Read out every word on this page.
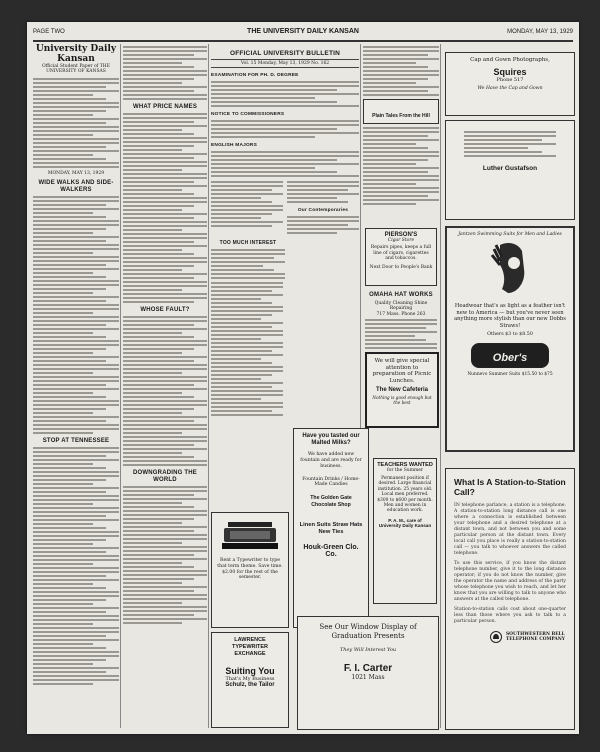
PAGE TWO	THE UNIVERSITY DAILY KANSAN	MONDAY, MAY 13, 1929
University Daily Kansan
Official Student Paper of THE UNIVERSITY OF KANSAS
MONDAY, MAY 13, 1929
WIDE WALKS AND SIDE-WALKERS
STOP AT TENNESSEE
WHAT PRICE NAMES
WHOSE FAULT?
DOWNGRADING THE WORLD
OFFICIAL UNIVERSITY BULLETIN
Vol. 15 Monday, May 13, 1929 No. 162
EXAMINATION FOR PH. D. DEGREE
NOTICE TO COMMISSIONERS
ENGLISH MAJORS
Our Contemporaries
TOO MUCH INTEREST
Plain Tales From the Hill

PIERSON'S

Cigar Store

Repairs pipes, keeps a full line of cigars, cigarettes and tobaccos.

Next Door to People's Bank

OMAHA HAT WORKS

Quality Cleaning Shine Repairing

717 Mass. Phone 263

We will give special attention to preparation of Picnic Lunches.

The New Cafeteria

Nothing is good enough but the best

Have you tasted our Malted Milks?

We have added new fountain and are ready for business.

Fountain Drinks / Home-Made Candies

The Golden Gate Chocolate Shop

Linen Suits Straw Hats New Ties

Houk-Green Clo. Co.

Rent a Typewriter to type that term theme. Save time. $2.00 for the rest of the semester.

LAWRENCE TYPEWRITER EXCHANGE

Suiting You

That's My Business

Schulz, the Tailor

TEACHERS WANTED

for the Summer

Permanent position if desired. Large financial institution. 25 years old. Local men preferred. $300 to $600 per month. Men and women in education work.

P. A. M., care of University Daily Kansan

See Our Window Display of Graduation Presents

They Will Interest You

F. I. Carter

1021 Mass

Cap and Gown Photographs,

Squires

Phone 517

We Have the Cap and Gown

Luther Gustafson

Jantzen Swimming Suits for Men and Ladies

Headwear that's as light as a feather isn't new to America — but you've never seen anything more stylish than our new Dobbs Straws!

Others $3 to $8.50

Ober's

Nunnevo Summer Suits $15.50 to $75

What Is A Station-to-Station Call?

IN telephone parlance, a station is a telephone. A station-to-station long distance call is one where a connection is established between your telephone and a desired telephone at a distant town, and not between you and some particular person at the distant town. Every local call you place is really a station-to-station call — you talk to whoever answers the called telephone.

To use this service, if you know the distant telephone number, give it to the long distance operator; if you do not know the number, give the operator the name and address of the party whose telephone you wish to reach, and let her know that you are willing to talk to anyone who answers at the called telephone.

Station-to-station calls cost about one-quarter less than those where you ask to talk to a particular person.

SOUTHWESTERN BELL TELEPHONE COMPANY
